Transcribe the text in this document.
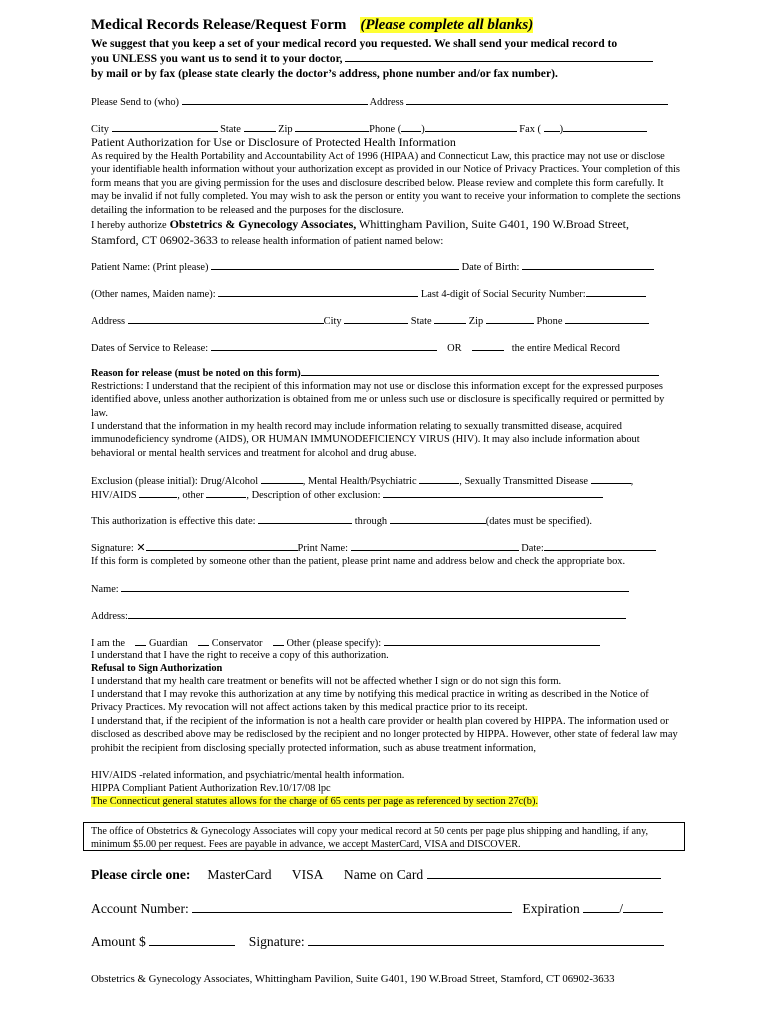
Medical Records Release/Request Form (Please complete all blanks)
We suggest that you keep a set of your medical record you requested. We shall send your medical record to
you UNLESS you want us to send it to your doctor,
by mail or by fax (please state clearly the doctor’s address, phone number and/or fax number).
Please Send to (who)	Address
City	State	Zip	Phone ( )	Fax ( )
Patient Authorization for Use or Disclosure of Protected Health Information
As required by the Health Portability and Accountability Act of 1996 (HIPAA) and Connecticut Law, this practice may not use or disclose your identifiable health information without your authorization except as provided in our Notice of Privacy Practices. Your completion of this form means that you are giving permission for the uses and disclosure described below. Please review and complete this form carefully. It may be invalid if not fully completed. You may wish to ask the person or entity you want to receive your information to complete the sections detailing the information to be released and the purposes for the disclosure.
I hereby authorize Obstetrics & Gynecology Associates, Whittingham Pavilion, Suite G401, 190 W.Broad Street,
Stamford, CT 06902-3633 to release health information of patient named below:
Patient Name: (Print please)	Date of Birth:
(Other names, Maiden name):	Last 4-digit of Social Security Number:
Address	City	State	Zip	Phone
Dates of Service to Release:	OR	the entire Medical Record
Reason for release (must be noted on this form)
Restrictions: I understand that the recipient of this information may not use or disclose this information except for the expressed purposes identified above, unless another authorization is obtained from me or unless such use or disclosure is specifically required or permitted by law.
I understand that the information in my health record may include information relating to sexually transmitted disease, acquired immunodeficiency syndrome (AIDS), OR HUMAN IMMUNODEFICIENCY VIRUS (HIV). It may also include information about behavioral or mental health services and treatment for alcohol and drug abuse.
Exclusion (please initial): Drug/Alcohol	, Mental Health/Psychiatric	, Sexually Transmitted Disease	,
HIV/AIDS	, other	, Description of other exclusion:
This authorization is effective this date:	through	(dates must be specified).
Signature: ✕	Print Name:	Date:
If this form is completed by someone other than the patient, please print name and address below and check the appropriate box.
Name:
Address:
I am the Guardian Conservator Other (please specify):
I understand that I have the right to receive a copy of this authorization.
Refusal to Sign Authorization
I understand that my health care treatment or benefits will not be affected whether I sign or do not sign this form.
I understand that I may revoke this authorization at any time by notifying this medical practice in writing as described in the Notice of Privacy Practices. My revocation will not affect actions taken by this medical practice prior to its receipt.
I understand that, if the recipient of the information is not a health care provider or health plan covered by HIPPA. The information used or disclosed as described above may be redisclosed by the recipient and no longer protected by HIPPA. However, other state of federal law may prohibit the recipient from disclosing specially protected information, such as abuse treatment information,
HIV/AIDS -related information, and psychiatric/mental health information.
HIPPA Compliant Patient Authorization Rev.10/17/08 lpc
The Connecticut general statutes allows for the charge of 65 cents per page as referenced by section 27c(b).
The office of Obstetrics & Gynecology Associates will copy your medical record at 50 cents per page plus shipping and handling, if any, minimum $5.00 per request. Fees are payable in advance, we accept MasterCard, VISA and DISCOVER.
Please circle one: MasterCard VISA Name on Card
Account Number:	Expiration	/
Amount $	Signature:
Obstetrics & Gynecology Associates, Whittingham Pavilion, Suite G401, 190 W.Broad Street, Stamford, CT 06902-3633
